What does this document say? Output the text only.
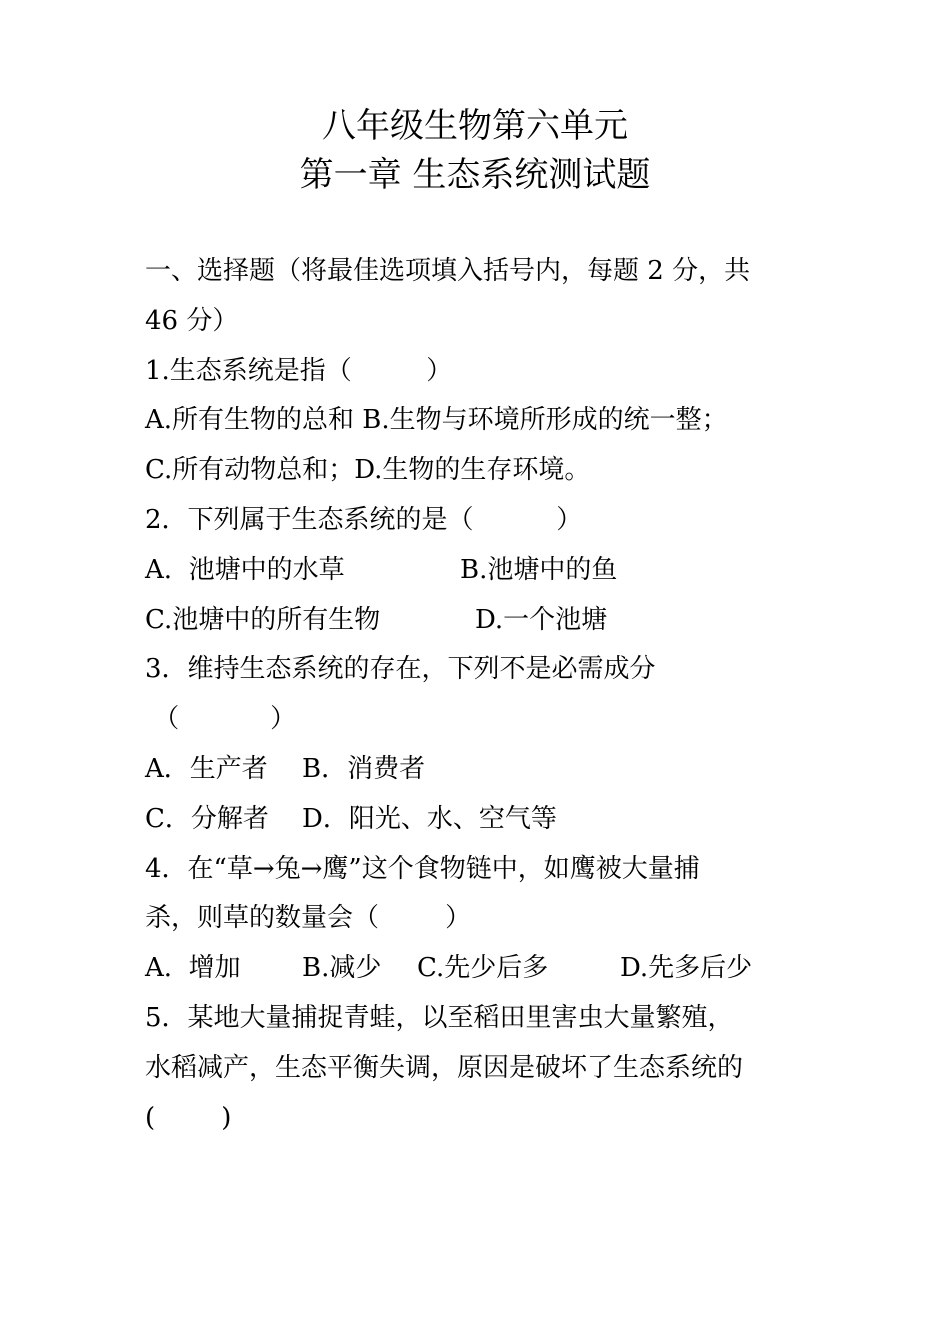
八年级生物第六单元
第一章 生态系统测试题
一、选择题（将最佳选项填入括号内，每题 2 分，共
46 分）
1.生态系统是指（         ）
A.所有生物的总和 B.生物与环境所形成的统一整；
C.所有动物总和；D.生物的生存环境。
2．下列属于生态系统的是（          ）

A.  池塘中的水草

	B.池塘中的鱼

C.池塘中的所有生物

	D.一个池塘

3．维持生态系统的存在，下列不是必需成分
（           ）

A．生产者

B．消费者

C．分解者

D．阳光、水、空气等

4．在“草→兔→鹰”这个食物链中，如鹰被大量捕
杀，则草的数量会（        ）

A.  增加

B.减少

C.先少后多

	D.先多后少

5．某地大量捕捉青蛙，以至稻田里害虫大量繁殖，
水稻减产，生态平衡失调，原因是破坏了生态系统的
(        )
